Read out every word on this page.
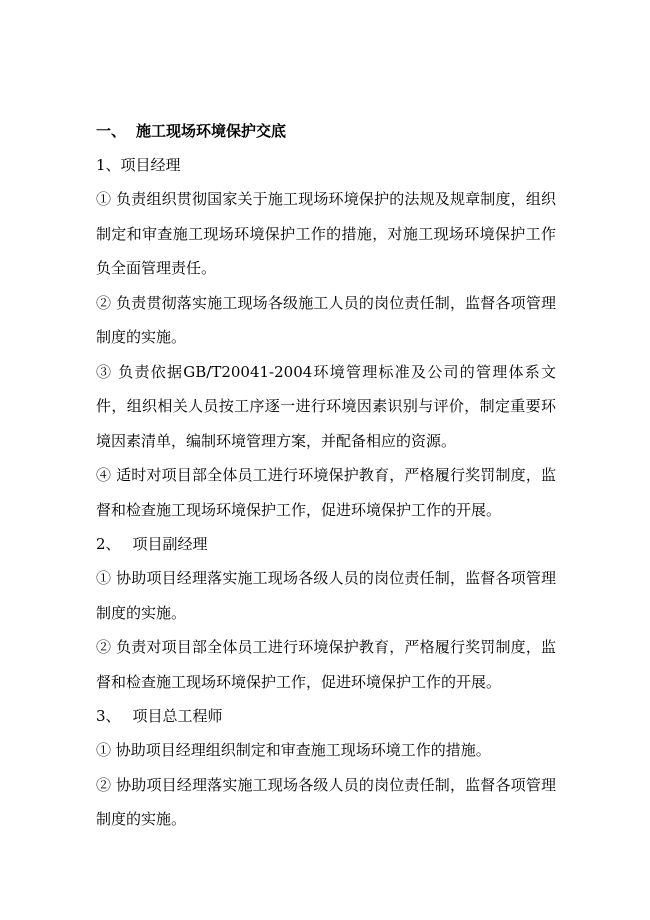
一、 施工现场环境保护交底
1、项目经理

① 负责组织贯彻国家关于施工现场环境保护的法规及规章制度，组织制定和审查施工现场环境保护工作的措施，对施工现场环境保护工作负全面管理责任。

② 负责贯彻落实施工现场各级施工人员的岗位责任制，监督各项管理制度的实施。

③ 负责依据GB/T20041-2004环境管理标准及公司的管理体系文件，组织相关人员按工序逐一进行环境因素识别与评价，制定重要环境因素清单，编制环境管理方案，并配备相应的资源。

④ 适时对项目部全体员工进行环境保护教育，严格履行奖罚制度，监督和检查施工现场环境保护工作，促进环境保护工作的开展。

2、 项目副经理

① 协助项目经理落实施工现场各级人员的岗位责任制，监督各项管理制度的实施。

② 负责对项目部全体员工进行环境保护教育，严格履行奖罚制度，监督和检查施工现场环境保护工作，促进环境保护工作的开展。

3、 项目总工程师

① 协助项目经理组织制定和审查施工现场环境工作的措施。

② 协助项目经理落实施工现场各级人员的岗位责任制，监督各项管理制度的实施。
